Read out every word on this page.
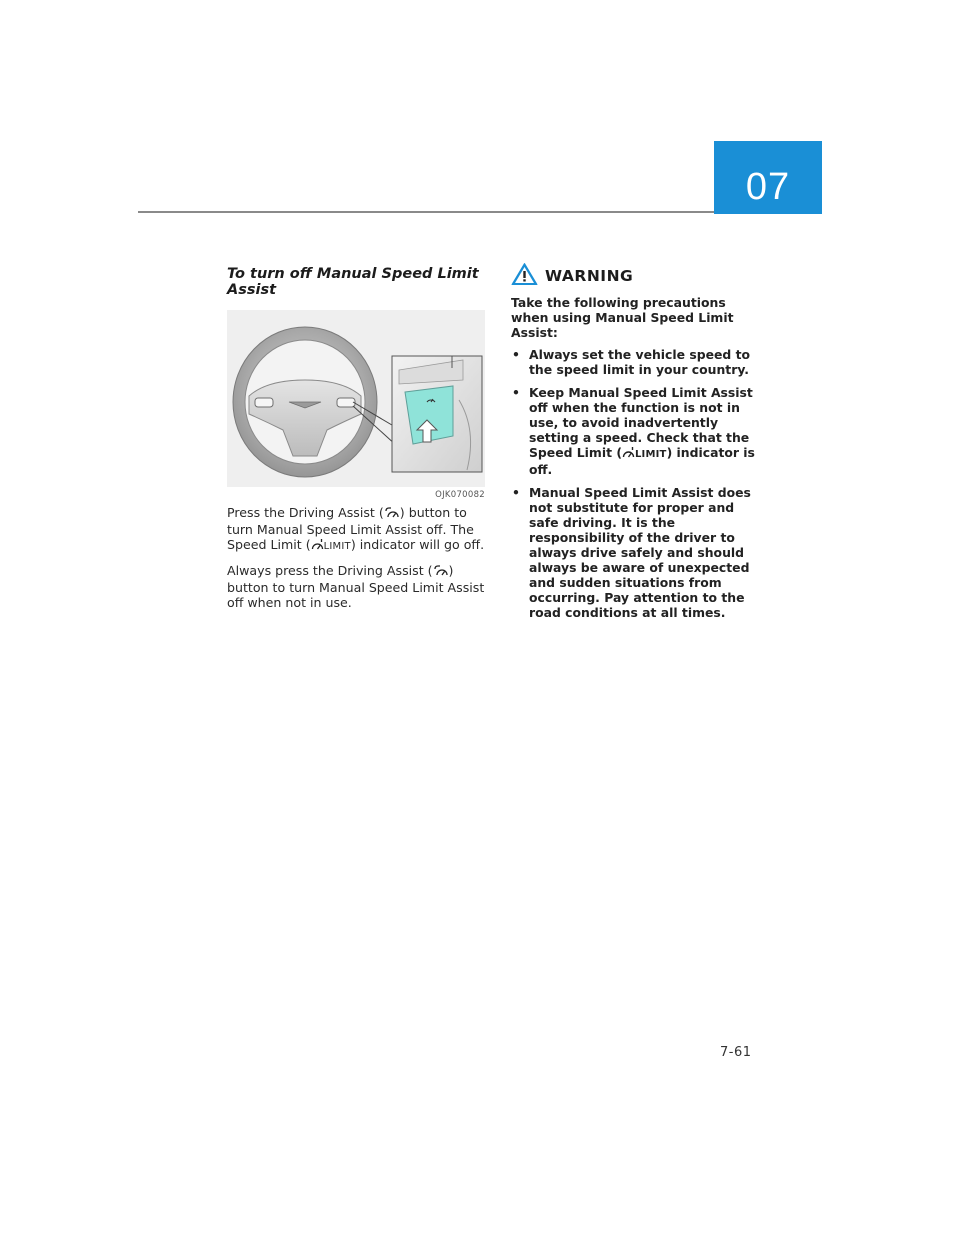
07
To turn off Manual Speed Limit Assist
OJK070082

Press the Driving Assist ( ) button to turn Manual Speed Limit Assist off. The Speed Limit ( LIMIT) indicator will go off.

Always press the Driving Assist ( ) button to turn Manual Speed Limit Assist off when not in use.

WARNING

Take the following precautions when using Manual Speed Limit Assist:

• Always set the vehicle speed to the speed limit in your country.
• Keep Manual Speed Limit Assist off when the function is not in use, to avoid inadvertently setting a speed. Check that the Speed Limit ( LIMIT) indicator is off.
• Manual Speed Limit Assist does not substitute for proper and safe driving. It is the responsibility of the driver to always drive safely and should always be aware of unexpected and sudden situations from occurring. Pay attention to the road conditions at all times.
7-61
